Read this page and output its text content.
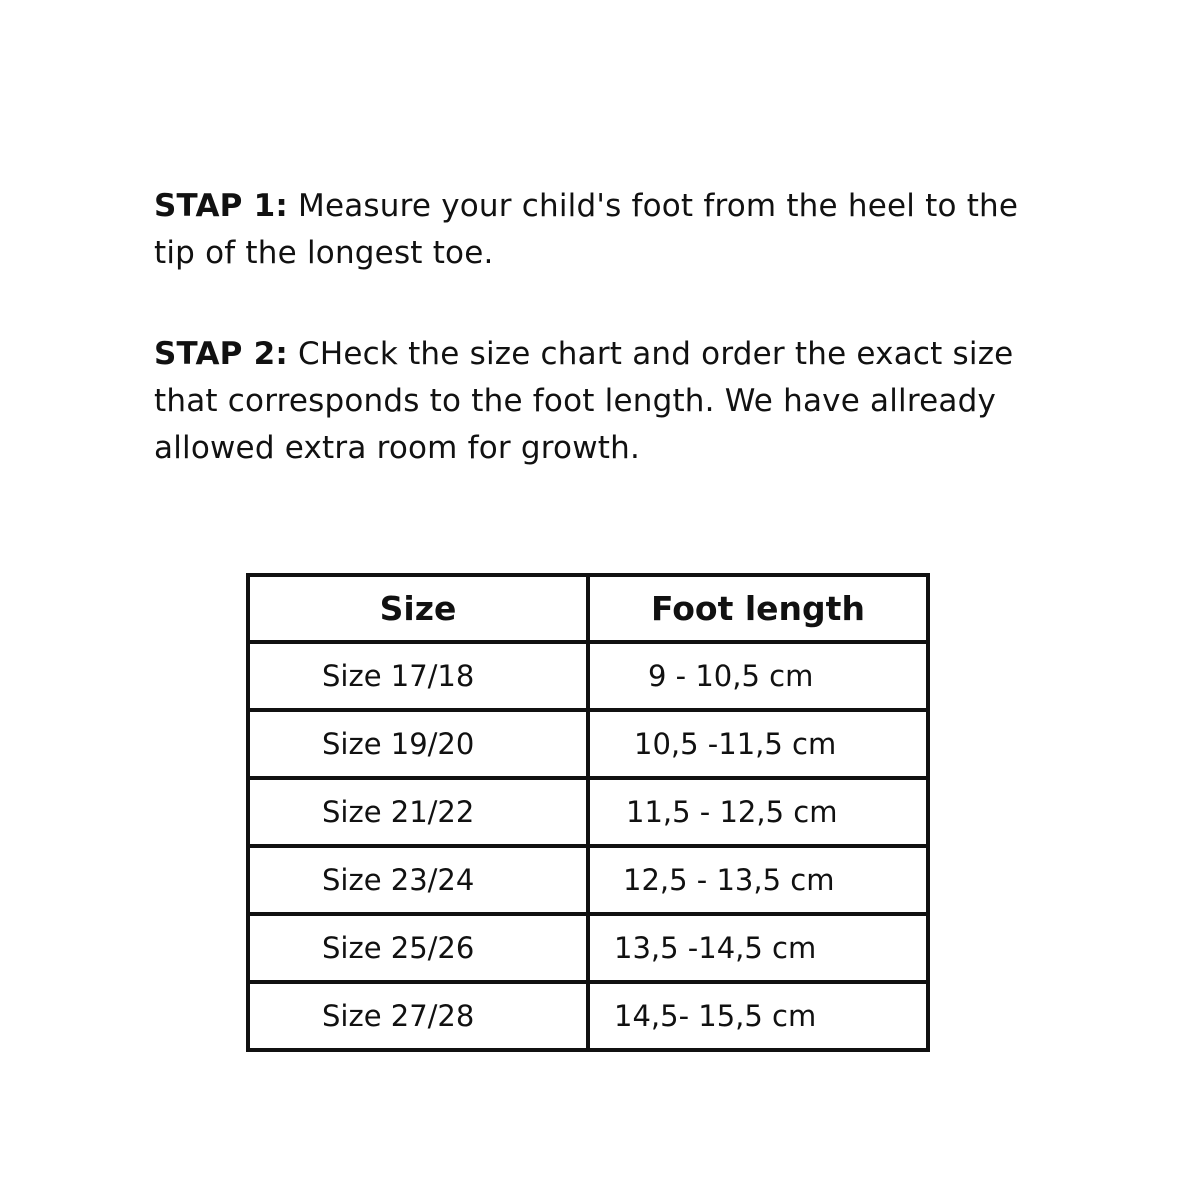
STAP 1: Measure your child's foot from the heel to the tip of the longest toe.

STAP 2: CHeck the size chart and order the exact size that corresponds to the foot length. We have allready allowed extra room for growth.

Size	Foot length
Size 17/18	9 - 10,5 cm
Size 19/20	10,5 -11,5 cm
Size 21/22	11,5 - 12,5 cm
Size 23/24	12,5 - 13,5 cm
Size 25/26	13,5 -14,5 cm
Size 27/28	14,5- 15,5 cm
